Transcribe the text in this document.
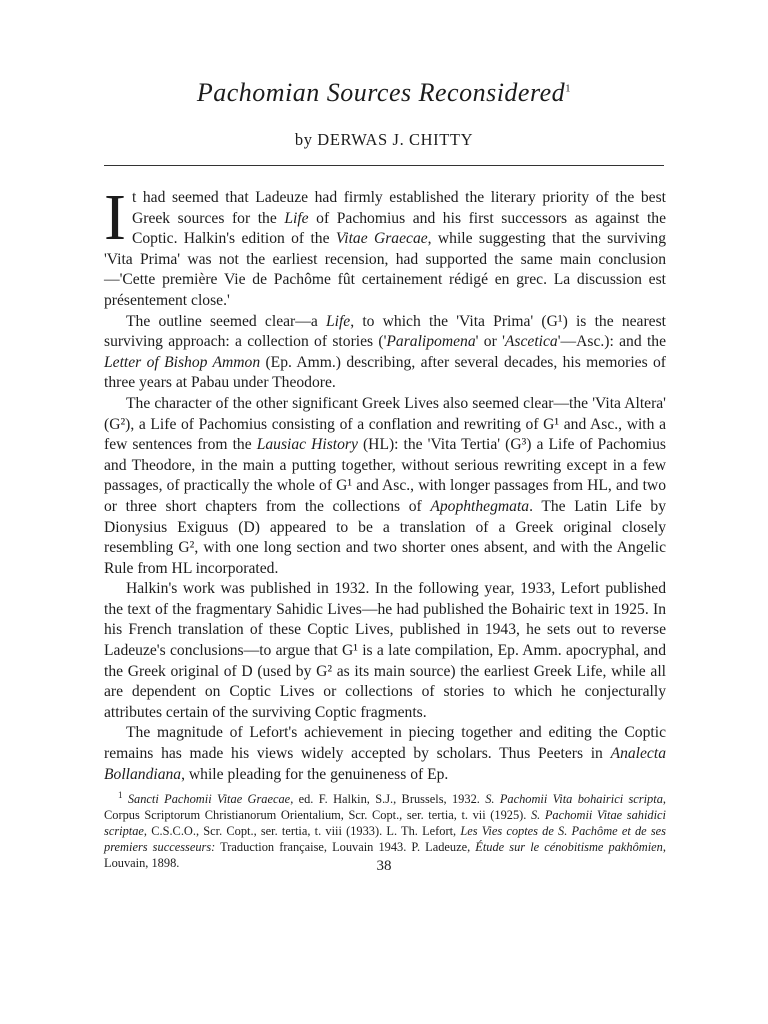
Pachomian Sources Reconsidered$^1$
by DERWAS J. CHITTY

It had seemed that Ladeuze had firmly established the literary priority of the best Greek sources for the Life of Pachomius and his first successors as against the Coptic. Halkin's edition of the Vitae Graecae, while suggesting that the surviving 'Vita Prima' was not the earliest recension, had supported the same main conclusion—'Cette première Vie de Pachôme fût certainement rédigé en grec. La discussion est présentement close.'

The outline seemed clear—a Life, to which the 'Vita Prima' (G¹) is the nearest surviving approach: a collection of stories ('Paralipomena' or 'Ascetica'—Asc.): and the Letter of Bishop Ammon (Ep. Amm.) describing, after several decades, his memories of three years at Pabau under Theodore.

The character of the other significant Greek Lives also seemed clear—the 'Vita Altera' (G²), a Life of Pachomius consisting of a conflation and rewriting of G¹ and Asc., with a few sentences from the Lausiac History (HL): the 'Vita Tertia' (G³) a Life of Pachomius and Theodore, in the main a putting together, without serious rewriting except in a few passages, of practically the whole of G¹ and Asc., with longer passages from HL, and two or three short chapters from the collections of Apophthegmata. The Latin Life by Dionysius Exiguus (D) appeared to be a translation of a Greek original closely resembling G², with one long section and two shorter ones absent, and with the Angelic Rule from HL incorporated.

Halkin's work was published in 1932. In the following year, 1933, Lefort published the text of the fragmentary Sahidic Lives—he had published the Bohairic text in 1925. In his French translation of these Coptic Lives, published in 1943, he sets out to reverse Ladeuze's conclusions—to argue that G¹ is a late compilation, Ep. Amm. apocryphal, and the Greek original of D (used by G² as its main source) the earliest Greek Life, while all are dependent on Coptic Lives or collections of stories to which he conjecturally attributes certain of the surviving Coptic fragments.

The magnitude of Lefort's achievement in piecing together and editing the Coptic remains has made his views widely accepted by scholars. Thus Peeters in Analecta Bollandiana, while pleading for the genuineness of Ep.

$^1$ Sancti Pachomii Vitae Graecae, ed. F. Halkin, S.J., Brussels, 1932. S. Pachomii Vita bohairici scripta, Corpus Scriptorum Christianorum Orientalium, Scr. Copt., ser. tertia, t. vii (1925). S. Pachomii Vitae sahidici scriptae, C.S.C.O., Scr. Copt., ser. tertia, t. viii (1933). L. Th. Lefort, Les Vies coptes de S. Pachôme et de ses premiers successeurs: Traduction française, Louvain 1943. P. Ladeuze, Étude sur le cénobitisme pakhômien, Louvain, 1898.	38
